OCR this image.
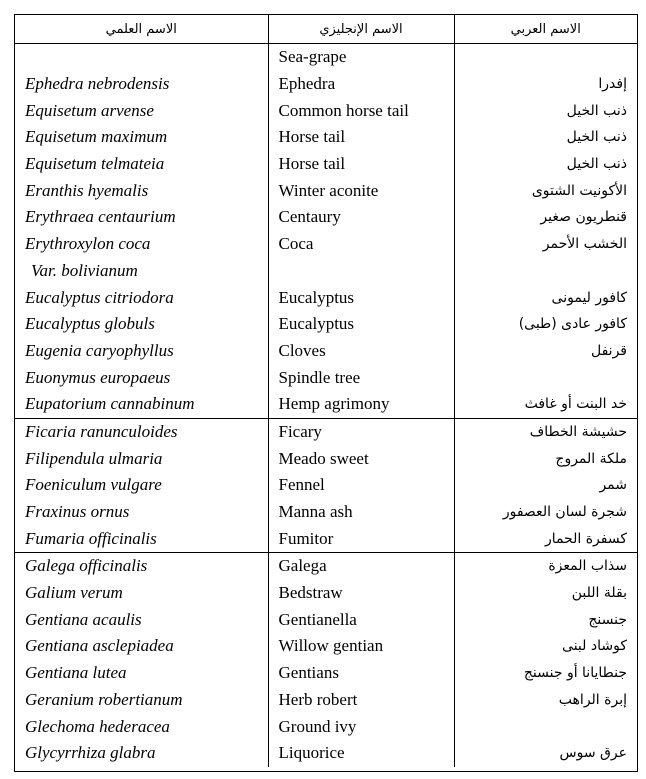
الاسم العلمي	الاسم الإنجليزي	الاسم العربي
	Sea-grape	
Ephedra nebrodensis	Ephedra	إفدرا
Equisetum arvense	Common horse tail	ذنب الخيل
Equisetum maximum	Horse tail	ذنب الخيل
Equisetum telmateia	Horse tail	ذنب الخيل
Eranthis hyemalis	Winter aconite	الأكونيت الشتوى
Erythraea centaurium	Centaury	قنطريون صغير
Erythroxylon coca	Coca	الخشب الأحمر
Var. bolivianum		
Eucalyptus citriodora	Eucalyptus	كافور ليمونى
Eucalyptus globuls	Eucalyptus	كافور عادى (طبى)
Eugenia caryophyllus	Cloves	قرنفل
Euonymus europaeus	Spindle tree	
Eupatorium cannabinum	Hemp agrimony	خد البنت أو غافث
Ficaria ranunculoides	Ficary	حشيشة الخطاف
Filipendula ulmaria	Meado sweet	ملكة المروج
Foeniculum vulgare	Fennel	شمر
Fraxinus ornus	Manna ash	شجرة لسان العصفور
Fumaria officinalis	Fumitor	كسفرة الحمار
Galega officinalis	Galega	سذاب المعزة
Galium verum	Bedstraw	بقلة اللبن
Gentiana acaulis	Gentianella	جنسنج
Gentiana asclepiadea	Willow gentian	كوشاد لبنى
Gentiana lutea	Gentians	جنطايانا أو جنسنج
Geranium robertianum	Herb robert	إبرة الراهب
Glechoma hederacea	Ground ivy	
Glycyrrhiza glabra	Liquorice	عرق سوس
